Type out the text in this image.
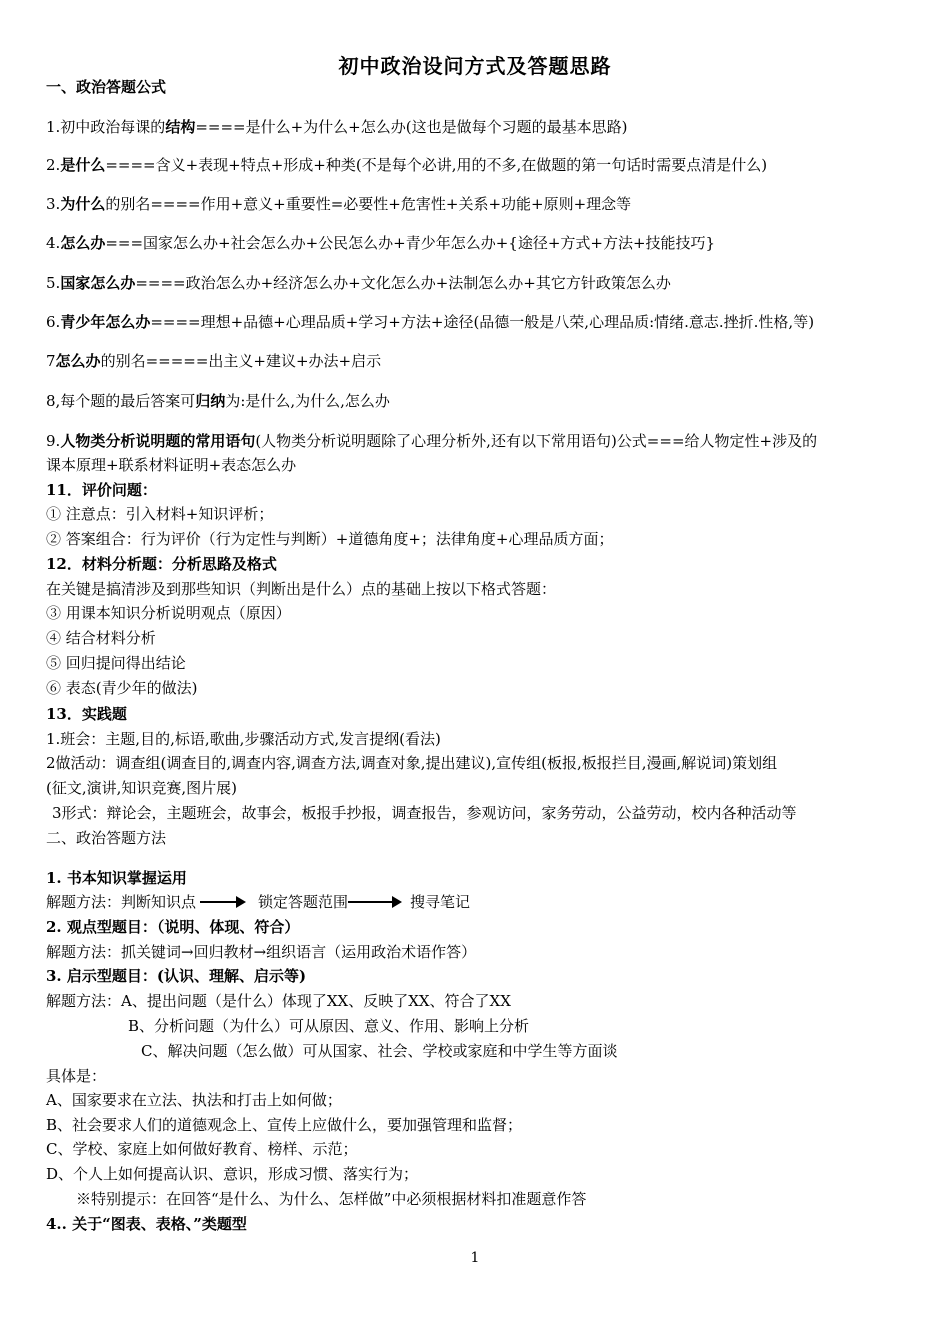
初中政治设问方式及答题思路
一、政治答题公式
1.初中政治每课的结构====是什么+为什么+怎么办(这也是做每个习题的最基本思路)
2.是什么====含义+表现+特点+形成+种类(不是每个必讲,用的不多,在做题的第一句话时需要点清是什么)
3.为什么的别名====作用+意义+重要性=必要性+危害性+关系+功能+原则+理念等
4.怎么办===国家怎么办+社会怎么办+公民怎么办+青少年怎么办+{途径+方式+方法+技能技巧}
5.国家怎么办====政治怎么办+经济怎么办+文化怎么办+法制怎么办+其它方针政策怎么办
6.青少年怎么办====理想+品德+心理品质+学习+方法+途径(品德一般是八荣,心理品质:情绪.意志.挫折.性格,等)
7怎么办的别名=====出主义+建议+办法+启示
8,每个题的最后答案可归纳为:是什么,为什么,怎么办
9.人物类分析说明题的常用语句(人物类分析说明题除了心理分析外,还有以下常用语句)公式===给人物定性+涉及的
课本原理+联系材料证明+表态怎么办
11．评价问题：
① 注意点：引入材料+知识评析；
② 答案组合：行为评价（行为定性与判断）+道德角度+；法律角度+心理品质方面；
12．材料分析题：分析思路及格式
在关键是搞清涉及到那些知识（判断出是什么）点的基础上按以下格式答题：
③ 用课本知识分析说明观点（原因）
④ 结合材料分析
⑤ 回归提问得出结论
⑥ 表态(青少年的做法)
13．实践题
1.班会：主题,目的,标语,歌曲,步骤活动方式,发言提纲(看法)
2做活动：调查组(调查目的,调查内容,调查方法,调查对象,提出建议),宣传组(板报,板报拦目,漫画,解说词)策划组
(征文,演讲,知识竞赛,图片展)
3形式：辩论会，主题班会，故事会，板报手抄报，调查报告，参观访问，家务劳动，公益劳动，校内各种活动等
二、政治答题方法
1. 书本知识掌握运用
解题方法：判断知识点	锁定答题范围	搜寻笔记
2. 观点型题目：（说明、体现、符合）
解题方法：抓关键词→回归教材→组织语言（运用政治术语作答）
3. 启示型题目：(认识、理解、启示等)
解题方法：A、提出问题（是什么）体现了XX、反映了XX、符合了XX
B、分析问题（为什么）可从原因、意义、作用、影响上分析
C、解决问题（怎么做）可从国家、社会、学校或家庭和中学生等方面谈
具体是：
A、国家要求在立法、执法和打击上如何做；
B、社会要求人们的道德观念上、宣传上应做什么，要加强管理和监督；
C、学校、家庭上如何做好教育、榜样、示范；
D、个人上如何提高认识、意识，形成习惯、落实行为；
※特别提示：在回答“是什么、为什么、怎样做”中必须根据材料扣准题意作答
4.. 关于“图表、表格、”类题型
1
